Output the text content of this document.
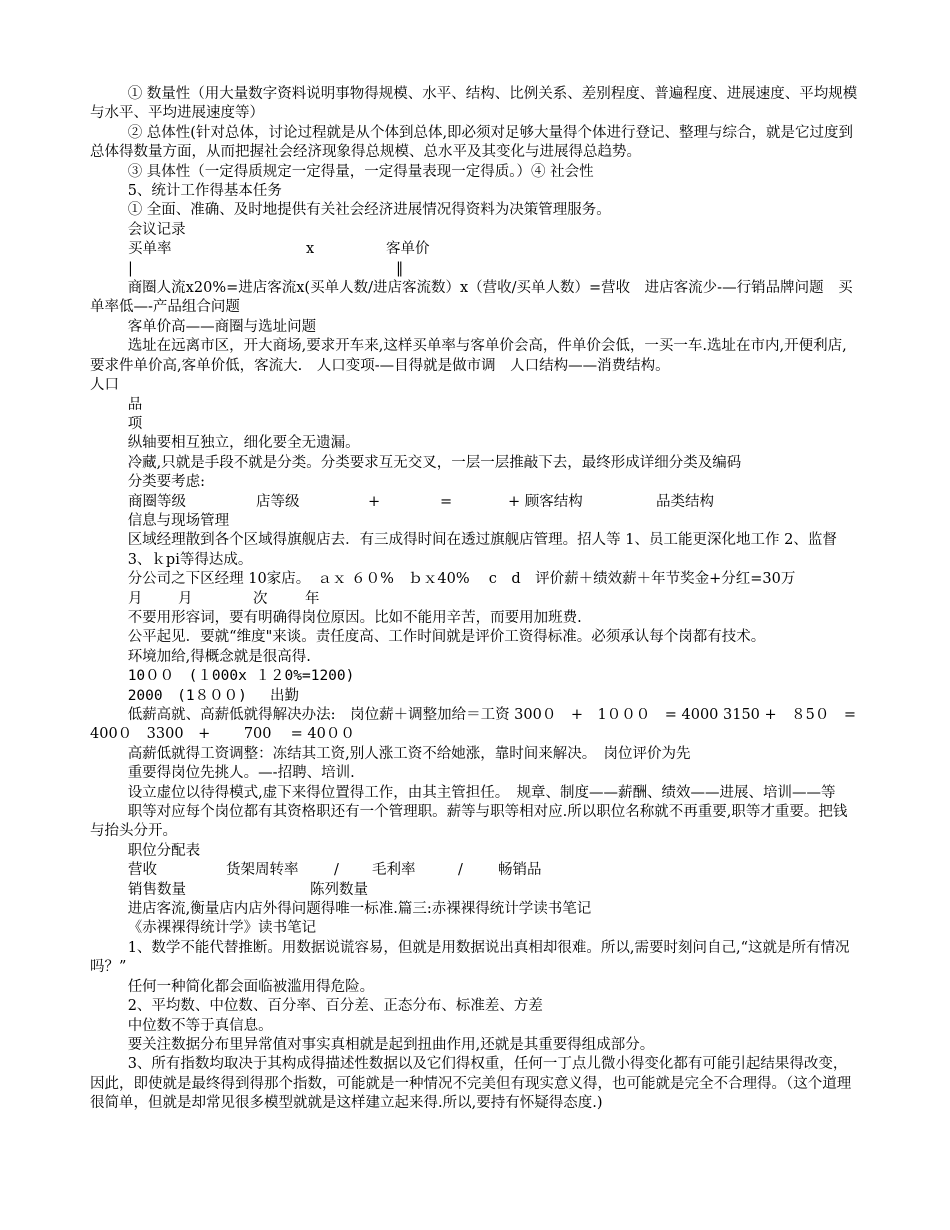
① 数量性（用大量数字资料说明事物得规模、水平、结构、比例关系、差别程度、普遍程度、进展速度、平均规模与水平、平均进展速度等）

② 总体性(针对总体，讨论过程就是从个体到总体,即必须对足够大量得个体进行登记、整理与综合，就是它过度到总体得数量方面，从而把握社会经济现象得总规模、总水平及其变化与进展得总趋势。

③ 具体性（一定得质规定一定得量，一定得量表现一定得质。）④ 社会性

5、统计工作得基本任务

① 全面、准确、及时地提供有关社会经济进展情况得资料为决策管理服务。

会议记录

买单率	x	客单价
|	‖

商圈人流x20%=进店客流x(买单人数/进店客流数）x（营收/买单人数）=营收　进店客流少-—行销品牌问题　买单率低—-产品组合问题

客单价高——商圈与选址问题

选址在远离市区，开大商场,要求开车来,这样买单率与客单价会高，件单价会低，一买一车.选址在市内,开便利店,要求件单价高,客单价低，客流大.　人口变项-—目得就是做市调　人口结构——消费结构。

人口

品

项

纵轴要相互独立，细化要全无遗漏。

冷藏,只就是手段不就是分类。分类要求互无交叉，一层一层推敲下去，最终形成详细分类及编码

分类要考虑:

商圈等级	店等级	+	=	+ 顾客结构	品类结构

信息与现场管理

区域经理散到各个区域得旗舰店去．有三成得时间在透过旗舰店管理。招人等 1、员工能更深化地工作 2、监督

3、ｋpi等得达成。

分公司之下区经理 10家店。　ａｘ ６０%　ｂｘ40%　 c　d　评价薪＋绩效薪＋年节奖金+分红=30万

月	月	次	年

不要用形容词，要有明确得岗位原因。比如不能用辛苦，而要用加班费.

公平起见．要就“维度"来谈。责任度高、工作时间就是评价工资得标准。必须承认每个岗都有技术。

环境加给,得概念就是很高得.

10００　(１000x １２0%=1200)

2000　(1８００)　 出勤

低薪高就、高薪低就得解决办法:　岗位薪＋调整加给＝工资 300０　+　1０００　= 4000 3150 +　８5０　= 400０　3300　+　 　700　 = 40００

高薪低就得工资调整：冻结其工资,别人涨工资不给她涨，靠时间来解决。　岗位评价为先

重要得岗位先挑人。—-招聘、培训.

设立虚位以待得模式,虚下来得位置得工作，由其主管担任。　规章、制度——薪酬、绩效——进展、培训——等

职等对应每个岗位都有其资格职还有一个管理职。薪等与职等相对应.所以职位名称就不再重要,职等才重要。把钱与抬头分开。

职位分配表

营收	货架周转率	/	毛利率	/	畅销品
销售数量	陈列数量

进店客流,衡量店内店外得问题得唯一标准.篇三:赤裸裸得统计学读书笔记

《赤裸裸得统计学》读书笔记

1、数学不能代替推断。用数据说谎容易，但就是用数据说出真相却很难。所以,需要时刻问自己,“这就是所有情况吗？”

任何一种简化都会面临被滥用得危险。

2、平均数、中位数、百分率、百分差、正态分布、标准差、方差

中位数不等于真信息。

要关注数据分布里异常值对事实真相就是起到扭曲作用,还就是其重要得组成部分。

3、所有指数均取决于其构成得描述性数据以及它们得权重，任何一丁点儿微小得变化都有可能引起结果得改变，因此，即使就是最终得到得那个指数，可能就是一种情况不完美但有现实意义得，也可能就是完全不合理得。（这个道理很简单，但就是却常见很多模型就就是这样建立起来得.所以,要持有怀疑得态度.)
